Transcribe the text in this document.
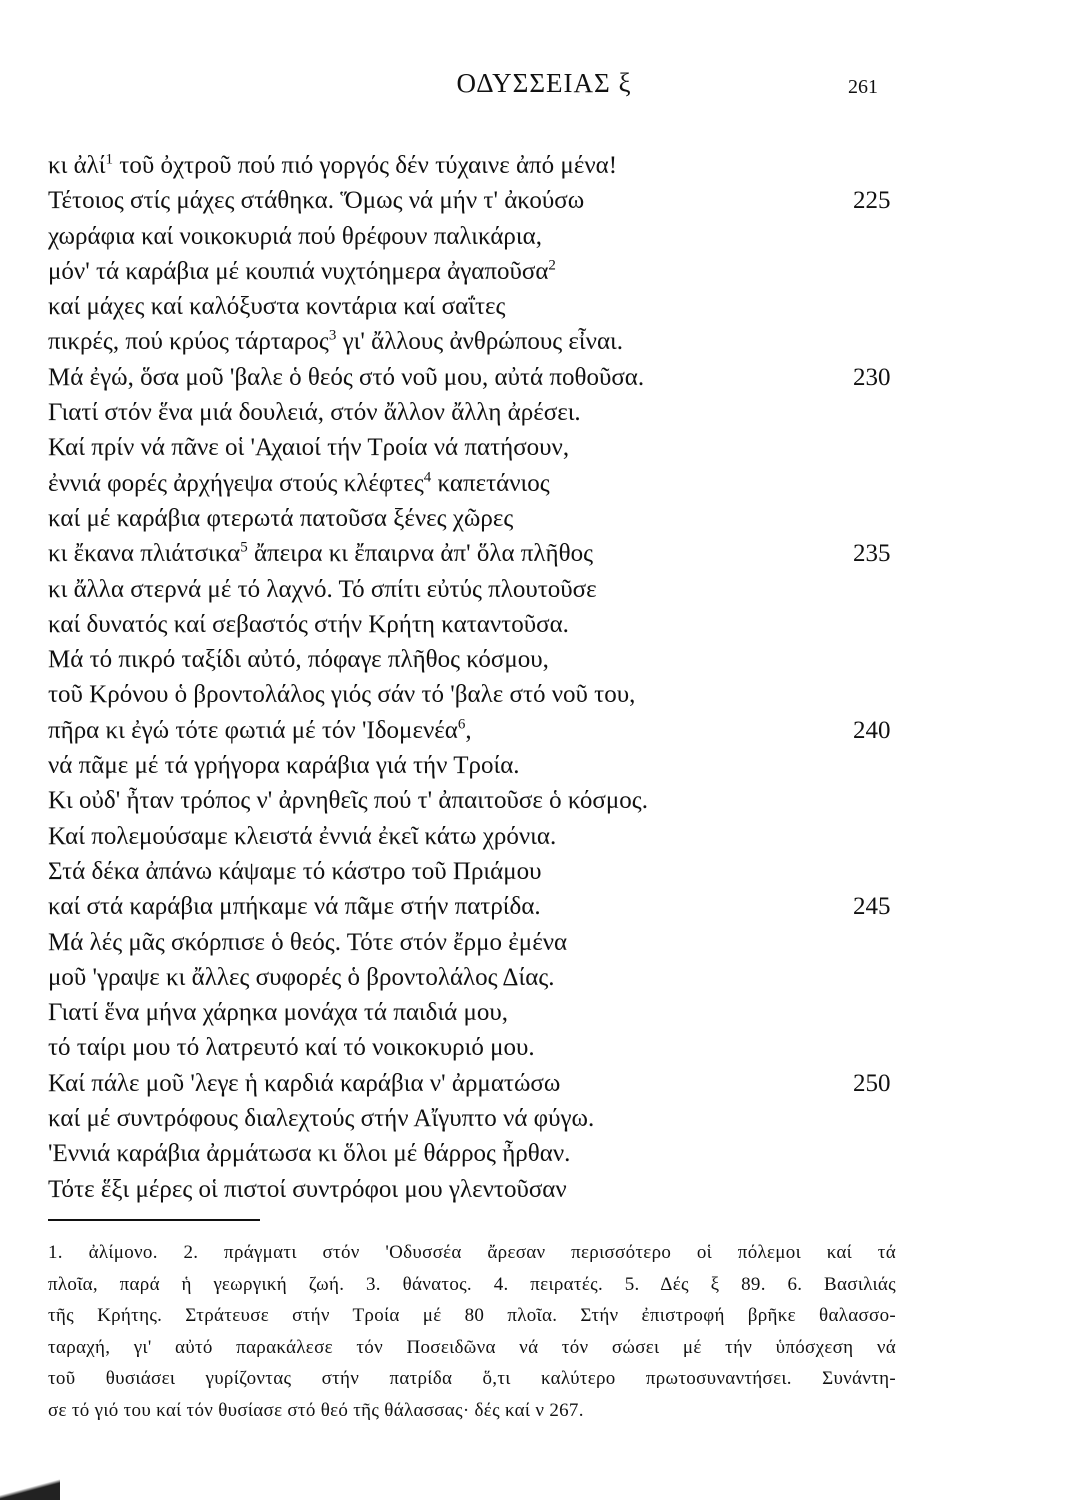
ΟΔΥΣΣΕΙΑΣ ξ	261
κι ἀλί$^1$ τοῦ ὀχτροῦ πού πιό γοργός δέν τύχαινε ἀπό μένα!
Τέτοιος στίς μάχες στάθηκα. Ὅμως νά μήν τ' ἀκούσω	225
χωράφια καί νοικοκυριά πού θρέφουν παλικάρια,
μόν' τά καράβια μέ κουπιά νυχτόημερα ἀγαποῦσα$^2$
καί μάχες καί καλόξυστα κοντάρια καί σαΐτες
πικρές, πού κρύος τάρταρος$^3$ γι' ἄλλους ἀνθρώπους εἶναι.
Μά ἐγώ, ὅσα μοῦ 'βαλε ὁ θεός στό νοῦ μου, αὐτά ποθοῦσα.	230
Γιατί στόν ἕνα μιά δουλειά, στόν ἄλλον ἄλλη ἀρέσει.
Καί πρίν νά πᾶνε οἱ 'Αχαιοί τήν Τροία νά πατήσουν,
ἐννιά φορές ἀρχήγεψα στούς κλέφτες$^4$ καπετάνιος
καί μέ καράβια φτερωτά πατοῦσα ξένες χῶρες
κι ἔκανα πλιάτσικα$^5$ ἄπειρα κι ἔπαιρνα ἀπ' ὅλα πλῆθος	235
κι ἄλλα στερνά μέ τό λαχνό. Τό σπίτι εὐτύς πλουτοῦσε
καί δυνατός καί σεβαστός στήν Κρήτη καταντοῦσα.
Μά τό πικρό ταξίδι αὐτό, πόφαγε πλῆθος κόσμου,
τοῦ Κρόνου ὁ βροντολάλος γιός σάν τό 'βαλε στό νοῦ του,
πῆρα κι ἐγώ τότε φωτιά μέ τόν 'Ιδομενέα$^6$,	240
νά πᾶμε μέ τά γρήγορα καράβια γιά τήν Τροία.
Κι οὐδ' ἦταν τρόπος ν' ἀρνηθεῖς πού τ' ἀπαιτοῦσε ὁ κόσμος.
Καί πολεμούσαμε κλειστά ἐννιά ἐκεῖ κάτω χρόνια.
Στά δέκα ἀπάνω κάψαμε τό κάστρο τοῦ Πριάμου
καί στά καράβια μπήκαμε νά πᾶμε στήν πατρίδα.	245
Μά λές μᾶς σκόρπισε ὁ θεός. Τότε στόν ἔρμο ἐμένα
μοῦ 'γραψε κι ἄλλες συφορές ὁ βροντολάλος Δίας.
Γιατί ἕνα μήνα χάρηκα μονάχα τά παιδιά μου,
τό ταίρι μου τό λατρευτό καί τό νοικοκυριό μου.
Καί πάλε μοῦ 'λεγε ἡ καρδιά καράβια ν' ἀρματώσω	250
καί μέ συντρόφους διαλεχτούς στήν Αἴγυπτο νά φύγω.
'Εννιά καράβια ἀρμάτωσα κι ὅλοι μέ θάρρος ἦρθαν.
Τότε ἕξι μέρες οἱ πιστοί συντρόφοι μου γλεντοῦσαν
1. ἀλίμονο. 2. πράγματι στόν 'Οδυσσέα ἄρεσαν περισσότερο οἱ πόλεμοι καί τά
πλοῖα, παρά ἡ γεωργική ζωή. 3. θάνατος. 4. πειρατές. 5. Δές ξ 89. 6. Βασιλιάς
τῆς Κρήτης. Στράτευσε στήν Τροία μέ 80 πλοῖα. Στήν ἐπιστροφή βρῆκε θαλασσο-
ταραχή, γι' αὐτό παρακάλεσε τόν Ποσειδῶνα νά τόν σώσει μέ τήν ὑπόσχεση νά
τοῦ θυσιάσει γυρίζοντας στήν πατρίδα ὅ,τι καλύτερο πρωτοσυναντήσει. Συνάντη-
σε τό γιό του καί τόν θυσίασε στό θεό τῆς θάλασσας· δές καί ν 267.
